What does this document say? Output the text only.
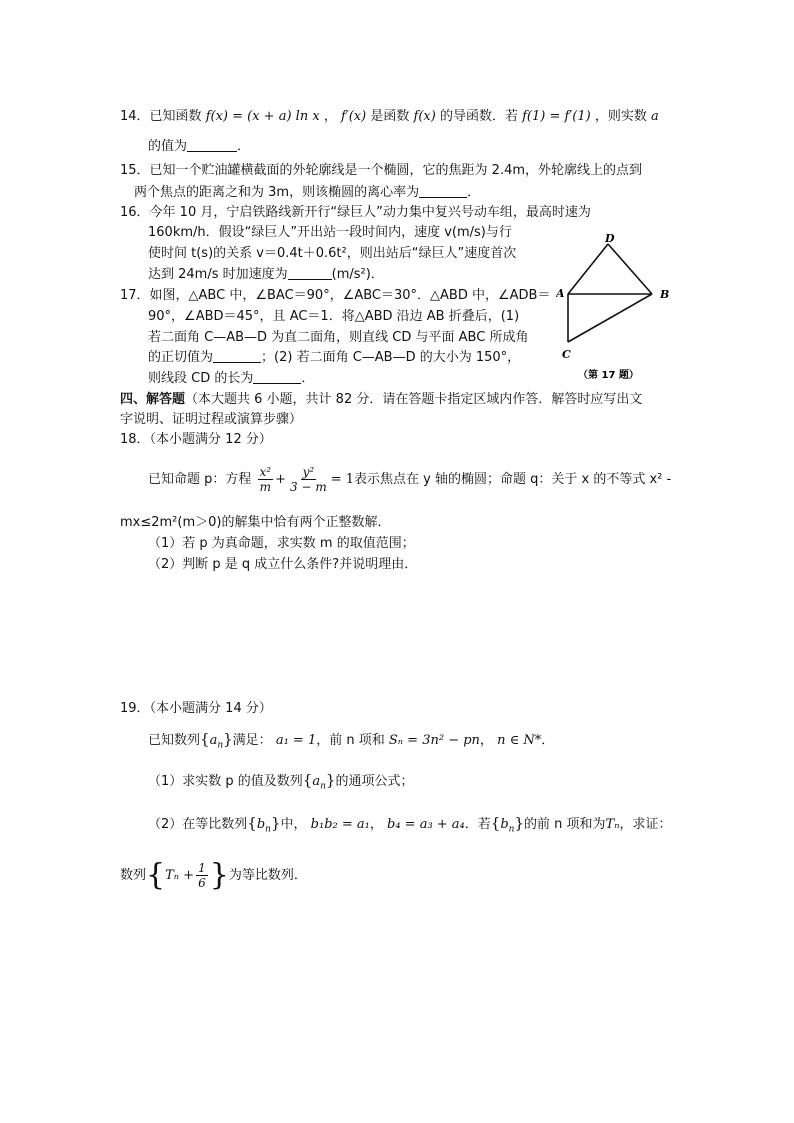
14．已知函数 f(x) = (x + a) ln x ， f′(x) 是函数 f(x) 的导函数．若 f(1) = f′(1) ，则实数 a
的值为	．
15．已知一个贮油罐横截面的外轮廓线是一个椭圆，它的焦距为 2.4m，外轮廓线上的点到
两个焦点的距离之和为 3m，则该椭圆的离心率为	．
16．今年 10 月，宁启铁路线新开行“绿巨人”动力集中复兴号动车组，最高时速为
160km/h．假设“绿巨人”开出站一段时间内，速度 v(m/s)与行
使时间 t(s)的关系 v＝0.4t＋0.6t²，则出站后“绿巨人”速度首次
达到 24m/s 时加速度为	(m/s²)．
17．如图，△ABC 中，∠BAC＝90°，∠ABC＝30°．△ABD 中，∠ADB＝
90°，∠ABD＝45°，且 AC＝1．将△ABD 沿边 AB 折叠后，(1)
若二面角 C—AB—D 为直二面角，则直线 CD 与平面 ABC 所成角
的正切值为	；(2) 若二面角 C—AB—D 的大小为 150°，
则线段 CD 的长为	．
D
A	B
C
（第 17 题）
四、解答题（本大题共 6 小题，共计 82 分．请在答题卡指定区域内作答．解答时应写出文
字说明、证明过程或演算步骤）
18．（本小题满分 12 分）
已知命题 p：方程 $\frac{\text{x²}}{m} + \frac{\text{y²}}{3 - m} = 1$表示焦点在 y 轴的椭圆；命题 q：关于 x 的不等式 x² -
mx≤2m²(m＞0)的解集中恰有两个正整数解．
（1）若 p 为真命题，求实数 m 的取值范围；
（2）判断 p 是 q 成立什么条件?并说明理由．
19．（本小题满分 14 分）
已知数列$\{a_n\}$满足： a₁ = 1，前 n 项和 Sₙ = 3n² − pn， n ∈ N*．
（1）求实数 p 的值及数列$\{a_n\}$的通项公式；
（2）在等比数列$\{b_n\}$中， b₁b₂ = a₁， b₄ = a₃ + a₄．若$\{b_n\}$的前 n 项和为Tₙ，求证：
数列{$T_n + \frac{1}{6}$ }为等比数列．
